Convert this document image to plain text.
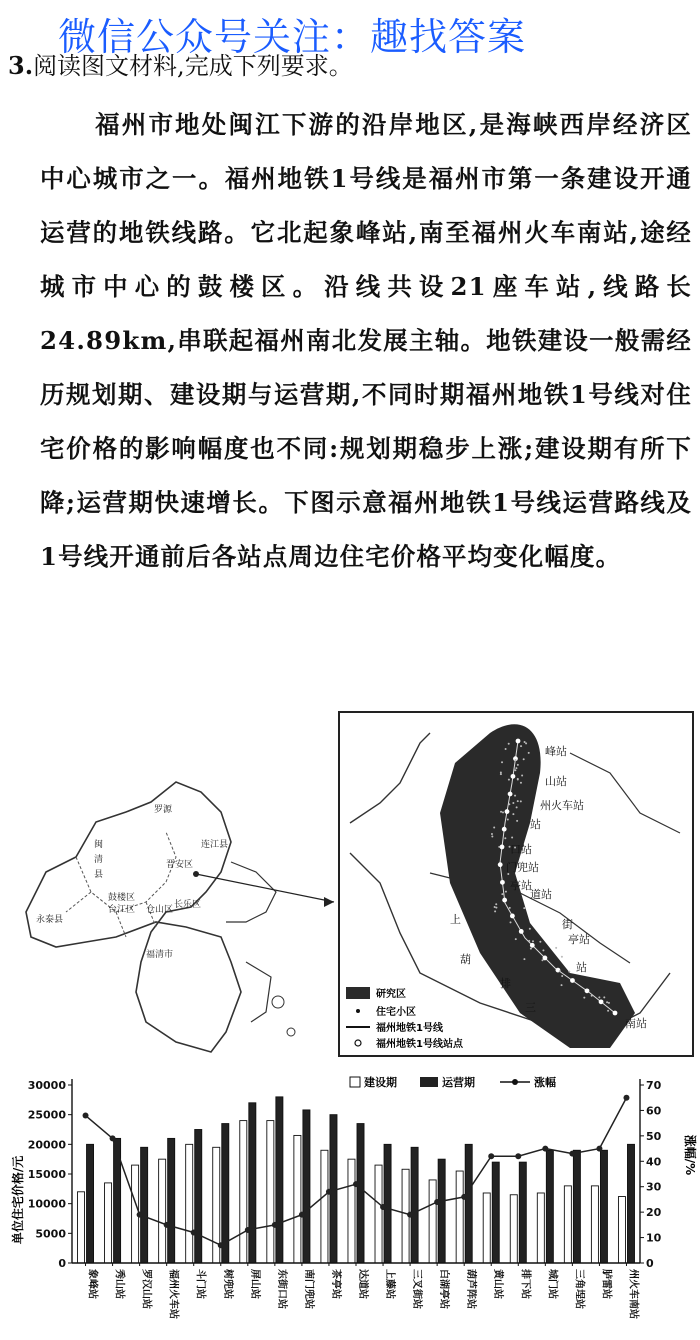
微信公众号关注：趣找答案
3.阅读图文材料,完成下列要求。
福州市地处闽江下游的沿岸地区,是海峡西岸经济区中心城市之一。福州地铁1号线是福州市第一条建设开通运营的地铁线路。它北起象峰站,南至福州火车南站,途经城市中心的鼓楼区。沿线共设21座车站,线路长24.89km,串联起福州南北发展主轴。地铁建设一般需经历规划期、建设期与运营期,不同时期福州地铁1号线对住宅价格的影响幅度也不同:规划期稳步上涨;建设期有所下降;运营期快速增长。下图示意福州地铁1号线运营路线及1号线开通前后各站点周边住宅价格平均变化幅度。
罗源
闽
清
县
永泰县
鼓楼区
台江区 仓山区 长乐区
福清市
连江县
晋安区
峰站
山站
州火车站
站
口站
门兜站
亭站
道站
上	街
亭站
葫
站
排
三
南站
研究区
住宅小区
福州地铁1号线
福州地铁1号线站点
0
5000
10000
15000
20000
25000
30000
0
10
20
30
40
50
60
70
象峰站 秀山站 罗汉山站 福州火车站 斗门站 树兜站 屏山站 东街口站 南门兜站 茶亭站 达道站 上藤站 三叉街站 白湖亭站 葫芦阵站 黄山站 排下站 城门站 三角埕站 胪雷站 州火车南站
单位住宅价格/元
涨幅/%
建设期	运营期	涨幅
